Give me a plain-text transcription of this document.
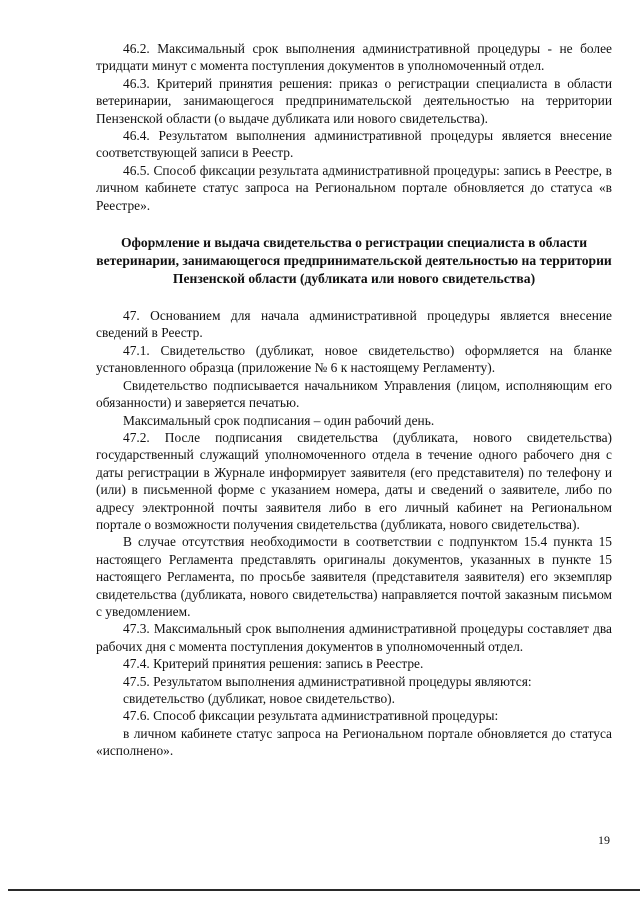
46.2. Максимальный срок выполнения административной процедуры - не более тридцати минут с момента поступления документов в уполномоченный отдел.

46.3. Критерий принятия решения: приказ о регистрации специалиста в области ветеринарии, занимающегося предпринимательской деятельностью на территории Пензенской области (о выдаче дубликата или нового свидетельства).

46.4. Результатом выполнения административной процедуры является внесение соответствующей записи в Реестр.

46.5. Способ фиксации результата административной процедуры: запись в Реестре, в личном кабинете статус запроса на Региональном портале обновляется до статуса «в Реестре».

Оформление и выдача свидетельства о регистрации специалиста в области ветеринарии, занимающегося предпринимательской деятельностью на территории Пензенской области (дубликата или нового свидетельства)

47. Основанием для начала административной процедуры является внесение сведений в Реестр.

47.1. Свидетельство (дубликат, новое свидетельство) оформляется на бланке установленного образца (приложение № 6 к настоящему Регламенту).

Свидетельство подписывается начальником Управления (лицом, исполняющим его обязанности) и заверяется печатью.

Максимальный срок подписания – один рабочий день.

47.2. После подписания свидетельства (дубликата, нового свидетельства) государственный служащий уполномоченного отдела в течение одного рабочего дня с даты регистрации в Журнале информирует заявителя (его представителя) по телефону и (или) в письменной форме с указанием номера, даты и сведений о заявителе, либо по адресу электронной почты заявителя либо в его личный кабинет на Региональном портале о возможности получения свидетельства (дубликата, нового свидетельства).

В случае отсутствия необходимости в соответствии с подпунктом 15.4 пункта 15 настоящего Регламента представлять оригиналы документов, указанных в пункте 15 настоящего Регламента, по просьбе заявителя (представителя заявителя) его экземпляр свидетельства (дубликата, нового свидетельства) направляется почтой заказным письмом с уведомлением.

47.3. Максимальный срок выполнения административной процедуры составляет два рабочих дня с момента поступления документов в уполномоченный отдел.

47.4. Критерий принятия решения: запись в Реестре.

47.5. Результатом выполнения административной процедуры являются:

свидетельство (дубликат, новое свидетельство).

47.6. Способ фиксации результата административной процедуры:

в личном кабинете статус запроса на Региональном портале обновляется до статуса «исполнено».

19
